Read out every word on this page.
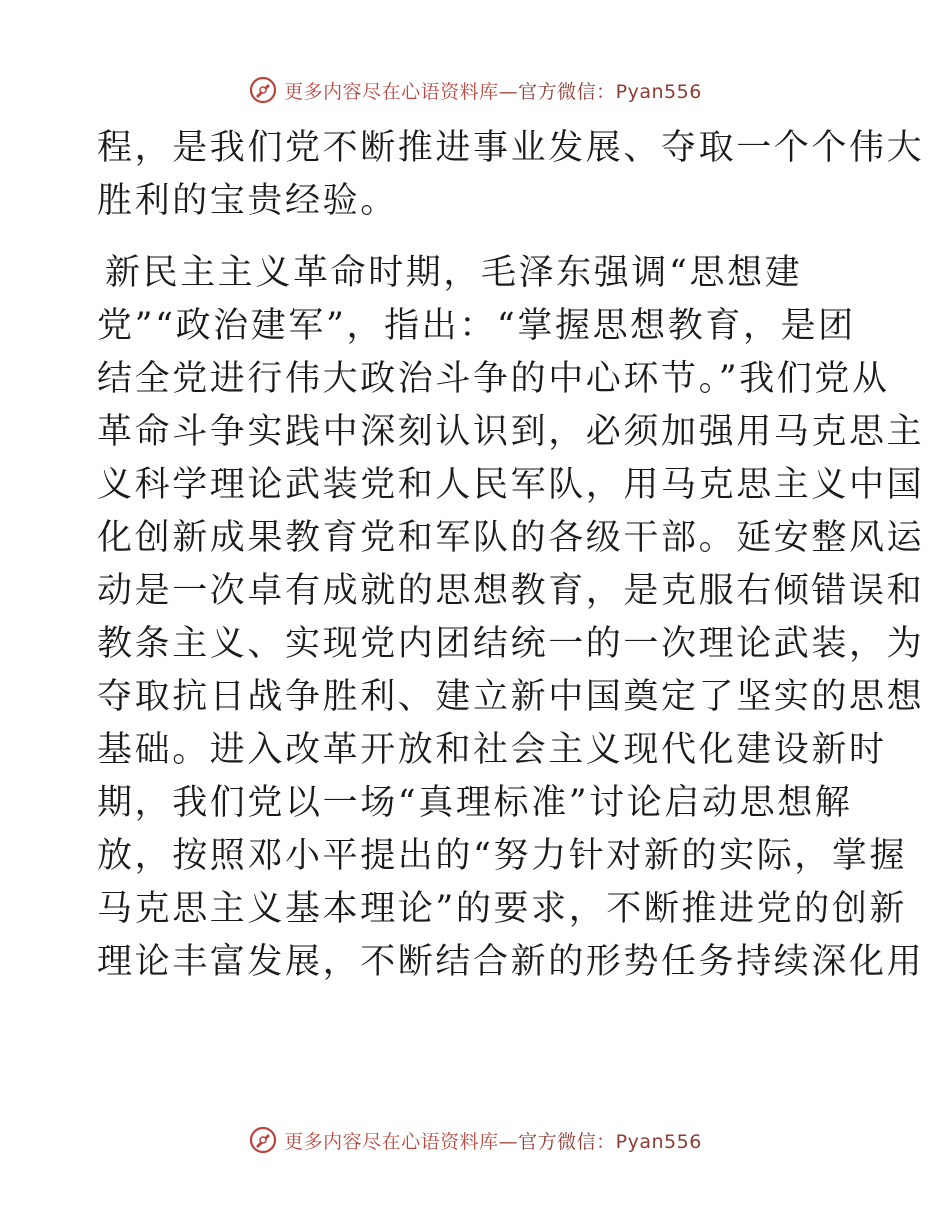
更多内容尽在心语资料库—官方微信：Pyan556
程，是我们党不断推进事业发展、夺取一个个伟大
胜利的宝贵经验。
新民主主义革命时期，毛泽东强调“思想建
党”“政治建军”，指出：“掌握思想教育，是团
结全党进行伟大政治斗争的中心环节。”我们党从
革命斗争实践中深刻认识到，必须加强用马克思主
义科学理论武装党和人民军队，用马克思主义中国
化创新成果教育党和军队的各级干部。延安整风运
动是一次卓有成就的思想教育，是克服右倾错误和
教条主义、实现党内团结统一的一次理论武装，为
夺取抗日战争胜利、建立新中国奠定了坚实的思想
基础。进入改革开放和社会主义现代化建设新时
期，我们党以一场“真理标准”讨论启动思想解
放，按照邓小平提出的“努力针对新的实际，掌握
马克思主义基本理论”的要求，不断推进党的创新
理论丰富发展，不断结合新的形势任务持续深化用
更多内容尽在心语资料库—官方微信：Pyan556
